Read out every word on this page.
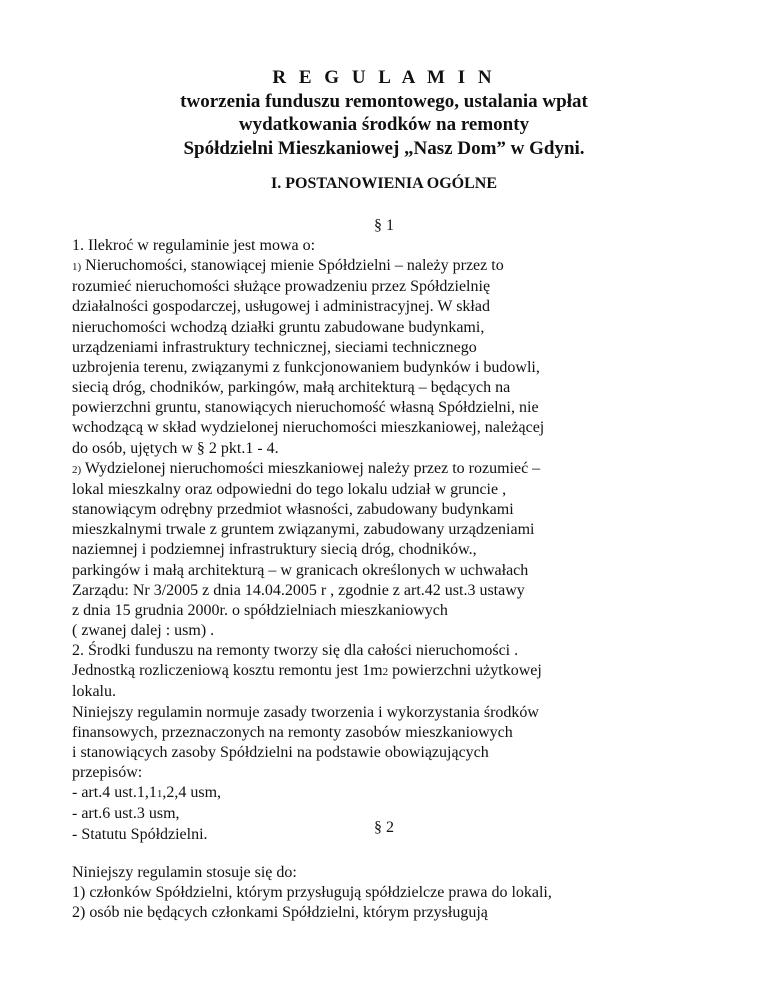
R E G U L A M I N
tworzenia funduszu remontowego, ustalania wpłat
wydatkowania środków na remonty
Spółdzielni Mieszkaniowej „Nasz Dom” w Gdyni.
I. POSTANOWIENIA OGÓLNE
§ 1
1. Ilekroć w regulaminie jest mowa o:
1) Nieruchomości, stanowiącej mienie Spółdzielni – należy przez to
rozumieć nieruchomości służące prowadzeniu przez Spółdzielnię
działalności gospodarczej, usługowej i administracyjnej. W skład
nieruchomości wchodzą działki gruntu zabudowane budynkami,
urządzeniami infrastruktury technicznej, sieciami technicznego
uzbrojenia terenu, związanymi z funkcjonowaniem budynków i budowli,
siecią dróg, chodników, parkingów, małą architekturą – będących na
powierzchni gruntu, stanowiących nieruchomość własną Spółdzielni, nie
wchodzącą w skład wydzielonej nieruchomości mieszkaniowej, należącej
do osób, ujętych w § 2 pkt.1 - 4.
2) Wydzielonej nieruchomości mieszkaniowej należy przez to rozumieć –
lokal mieszkalny oraz odpowiedni do tego lokalu udział w gruncie ,
stanowiącym odrębny przedmiot własności, zabudowany budynkami
mieszkalnymi trwale z gruntem związanymi, zabudowany urządzeniami
naziemnej i podziemnej infrastruktury siecią dróg, chodników.,
parkingów i małą architekturą – w granicach określonych w uchwałach
Zarządu: Nr 3/2005 z dnia 14.04.2005 r , zgodnie z art.42 ust.3 ustawy
z dnia 15 grudnia 2000r. o spółdzielniach mieszkaniowych
( zwanej dalej : usm) .
2. Środki funduszu na remonty tworzy się dla całości nieruchomości .
Jednostką rozliczeniową kosztu remontu jest 1m2 powierzchni użytkowej
lokalu.
Niniejszy regulamin normuje zasady tworzenia i wykorzystania środków
finansowych, przeznaczonych na remonty zasobów mieszkaniowych
i stanowiących zasoby Spółdzielni na podstawie obowiązujących
przepisów:
- art.4 ust.1,11,2,4 usm,
- art.6 ust.3 usm,
- Statutu Spółdzielni.	§ 2
Niniejszy regulamin stosuje się do:
1) członków Spółdzielni, którym przysługują spółdzielcze prawa do lokali,
2) osób nie będących członkami Spółdzielni, którym przysługują
